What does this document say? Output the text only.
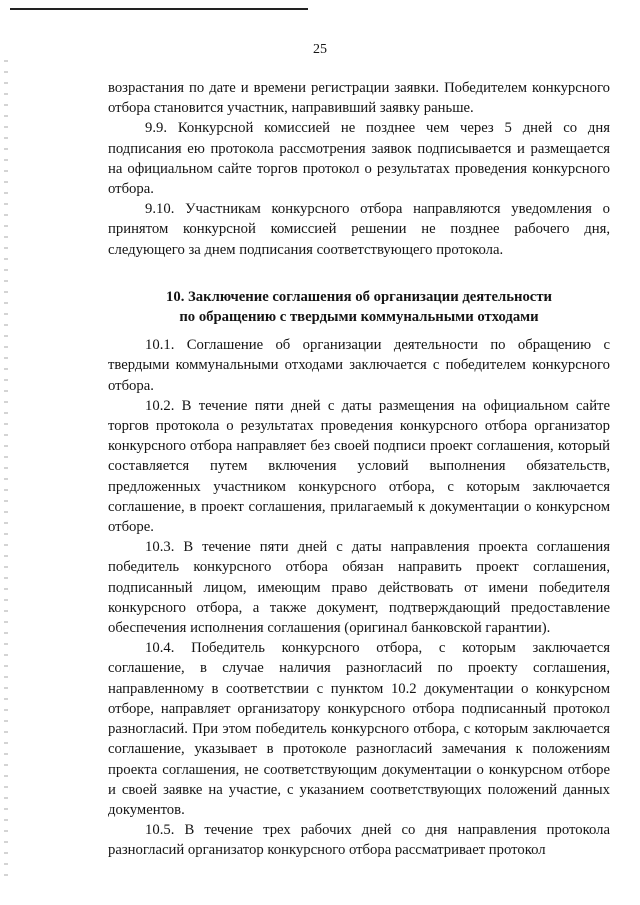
25

возрастания по дате и времени регистрации заявки. Победителем конкурсного отбора становится участник, направивший заявку раньше.

9.9. Конкурсной комиссией не позднее чем через 5 дней со дня подписания ею протокола рассмотрения заявок подписывается и размещается на официальном сайте торгов протокол о результатах проведения конкурсного отбора.

9.10. Участникам конкурсного отбора направляются уведомления о принятом конкурсной комиссией решении не позднее рабочего дня, следующего за днем подписания соответствующего протокола.

10. Заключение соглашения об организации деятельности
по обращению с твердыми коммунальными отходами

10.1. Соглашение об организации деятельности по обращению с твердыми коммунальными отходами заключается с победителем конкурсного отбора.

10.2. В течение пяти дней с даты размещения на официальном сайте торгов протокола о результатах проведения конкурсного отбора организатор конкурсного отбора направляет без своей подписи проект соглашения, который составляется путем включения условий выполнения обязательств, предложенных участником конкурсного отбора, с которым заключается соглашение, в проект соглашения, прилагаемый к документации о конкурсном отборе.

10.3. В течение пяти дней с даты направления проекта соглашения победитель конкурсного отбора обязан направить проект соглашения, подписанный лицом, имеющим право действовать от имени победителя конкурсного отбора, а также документ, подтверждающий предоставление обеспечения исполнения соглашения (оригинал банковской гарантии).

10.4. Победитель конкурсного отбора, с которым заключается соглашение, в случае наличия разногласий по проекту соглашения, направленному в соответствии с пунктом 10.2 документации о конкурсном отборе, направляет организатору конкурсного отбора подписанный протокол разногласий. При этом победитель конкурсного отбора, с которым заключается соглашение, указывает в протоколе разногласий замечания к положениям проекта соглашения, не соответствующим документации о конкурсном отборе и своей заявке на участие, с указанием соответствующих положений данных документов.

10.5. В течение трех рабочих дней со дня направления протокола разногласий организатор конкурсного отбора рассматривает протокол
